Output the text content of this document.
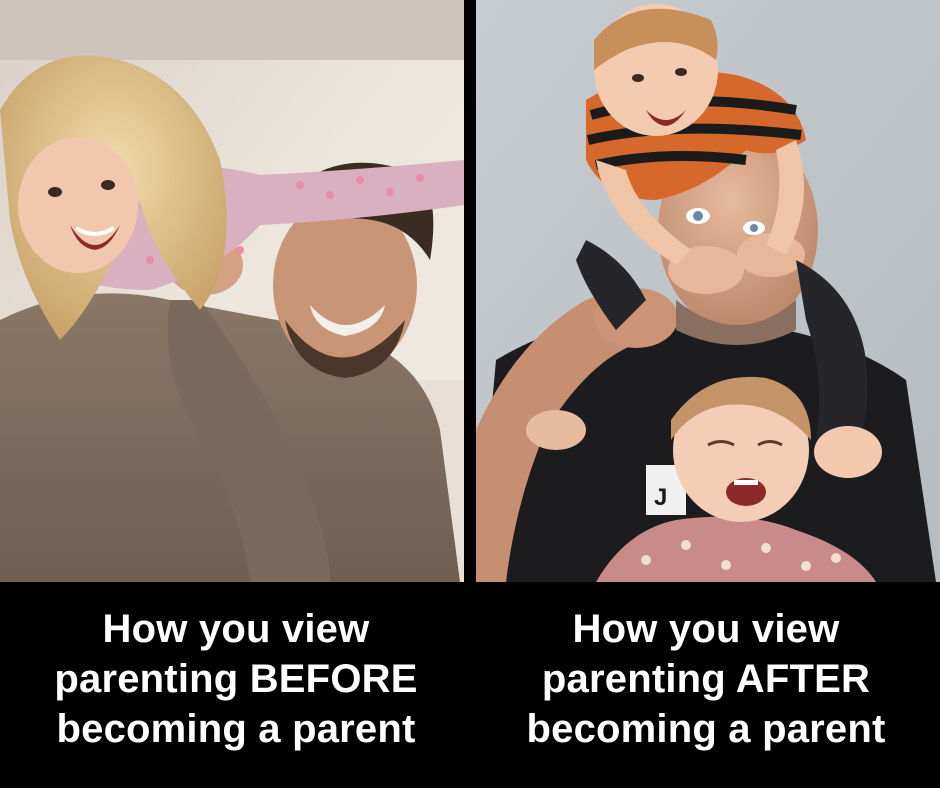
J
How you view
parenting BEFORE
becoming a parent
How you view
parenting AFTER
becoming a parent
